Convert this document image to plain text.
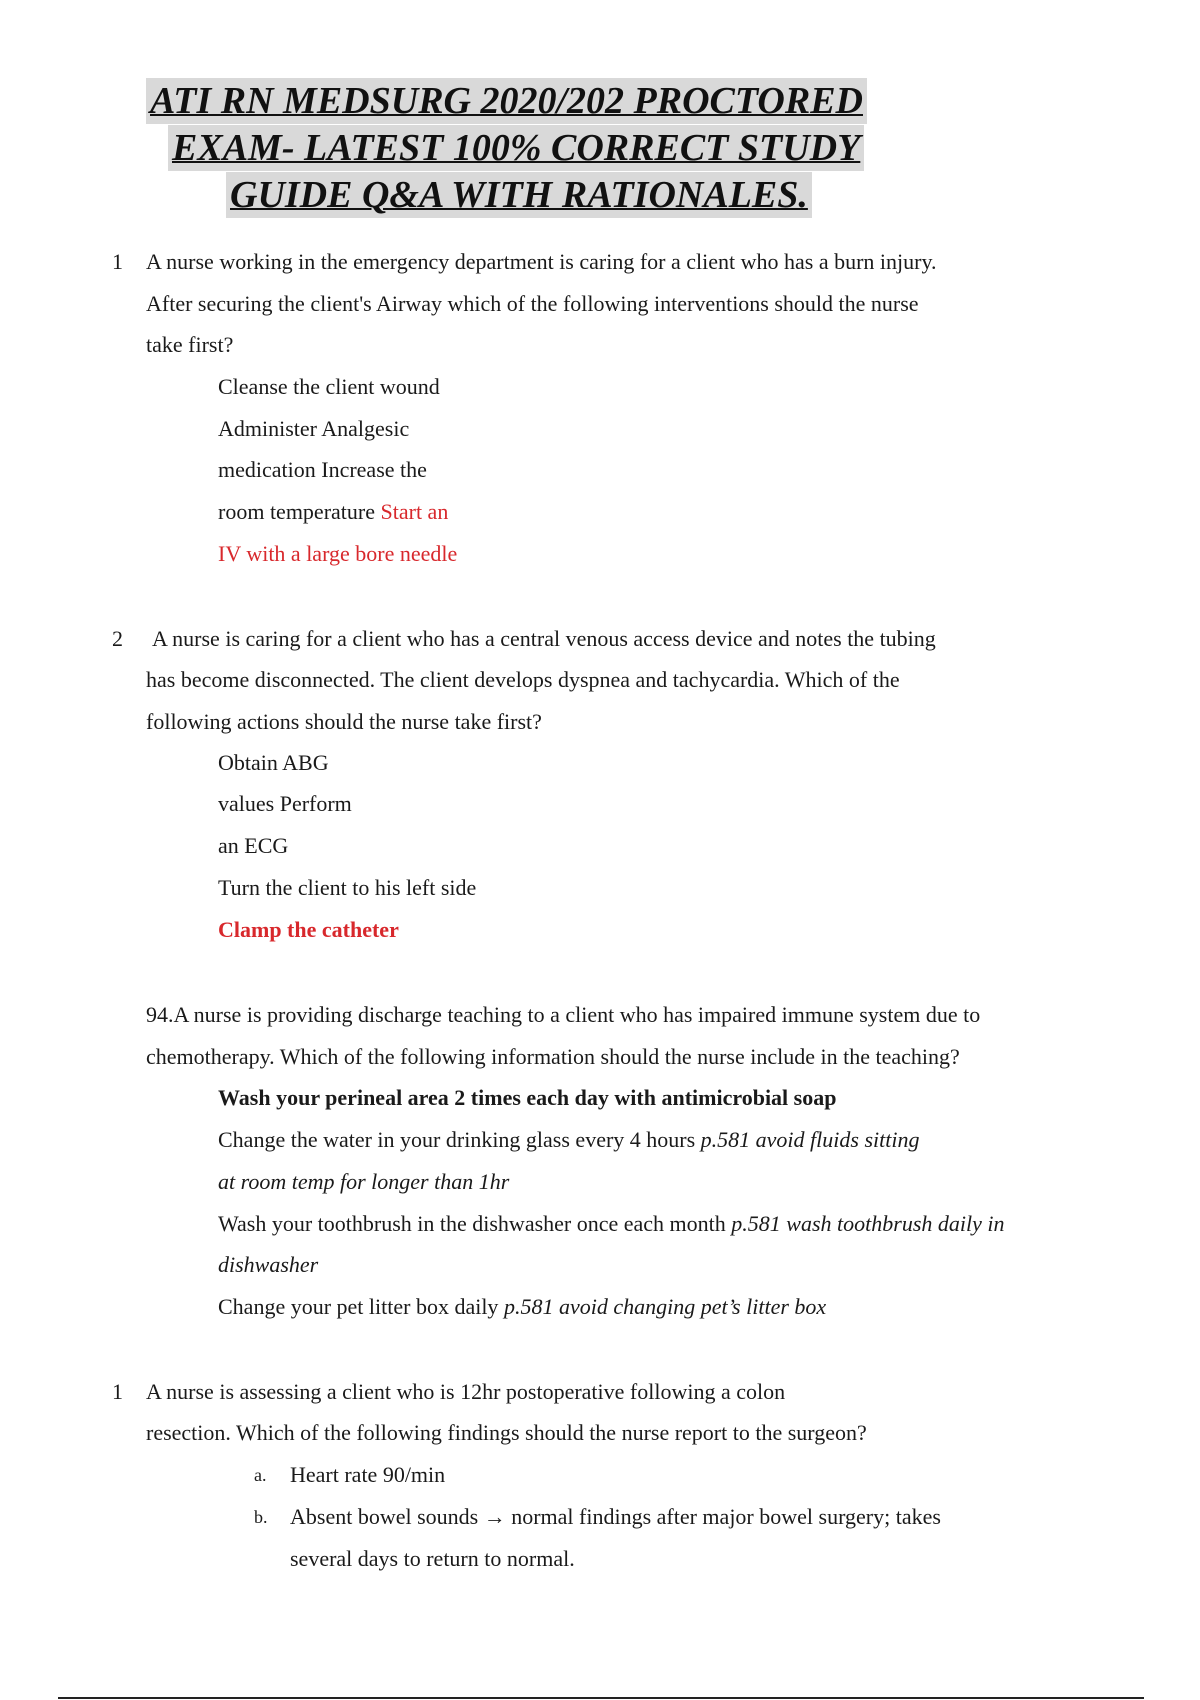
ATI RN MEDSURG 2020/202 PROCTORED
EXAM- LATEST 100% CORRECT STUDY
GUIDE Q&A WITH RATIONALES.
1 A nurse working in the emergency department is caring for a client who has a burn injury.
After securing the client's Airway which of the following interventions should the nurse
take first?
Cleanse the client wound
Administer Analgesic
medication Increase the
room temperature Start an
IV with a large bore needle
2 A nurse is caring for a client who has a central venous access device and notes the tubing
has become disconnected. The client develops dyspnea and tachycardia. Which of the
following actions should the nurse take first?
Obtain ABG
values Perform
an ECG
Turn the client to his left side
Clamp the catheter
94.A nurse is providing discharge teaching to a client who has impaired immune system due to
chemotherapy. Which of the following information should the nurse include in the teaching?
Wash your perineal area 2 times each day with antimicrobial soap
Change the water in your drinking glass every 4 hours p.581 avoid fluids sitting
at room temp for longer than 1hr
Wash your toothbrush in the dishwasher once each month p.581 wash toothbrush daily in
dishwasher
Change your pet litter box daily p.581 avoid changing pet’s litter box
1 A nurse is assessing a client who is 12hr postoperative following a colon
resection. Which of the following findings should the nurse report to the surgeon?
a. Heart rate 90/min
b. Absent bowel sounds → normal findings after major bowel surgery; takes
several days to return to normal.
